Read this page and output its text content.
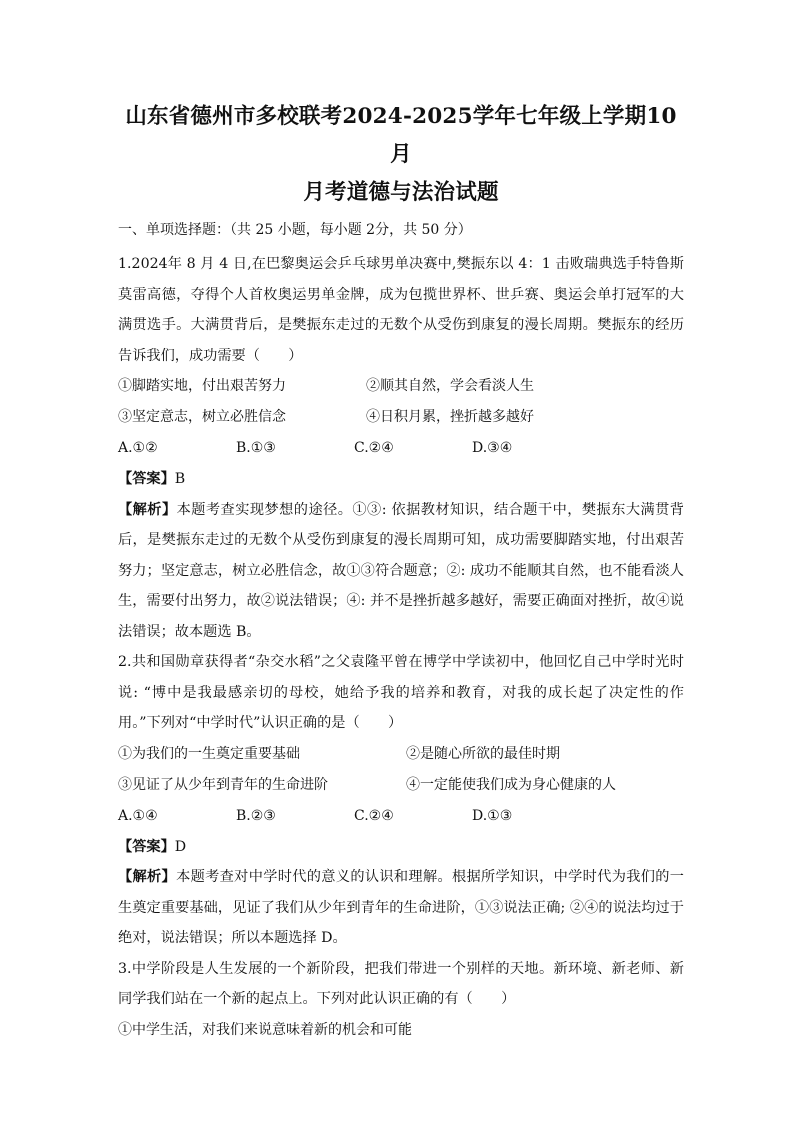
山东省德州市多校联考2024-2025学年七年级上学期10月
月考道德与法治试题

一、单项选择题：（共 25 小题，每小题 2分，共 50 分）

1.2024年 8 月 4 日,在巴黎奥运会乒乓球男单决赛中,樊振东以 4：1 击败瑞典选手特鲁斯 莫雷高德，夺得个人首枚奥运男单金牌，成为包揽世界杯、世乒赛、奥运会单打冠军的大满贯选手。大满贯背后，是樊振东走过的无数个从受伤到康复的漫长周期。樊振东的经历告诉我们，成功需要（　　）

①脚踏实地，付出艰苦努力	②顺其自然，学会看淡人生
③坚定意志，树立必胜信念	④日积月累，挫折越多越好
A.①②	B.①③	C.②④	D.③④

【答案】B

【解析】本题考查实现梦想的途径。①③: 依据教材知识，结合题干中，樊振东大满贯背后，是樊振东走过的无数个从受伤到康复的漫长周期可知，成功需要脚踏实地，付出艰苦努力；坚定意志，树立必胜信念，故①③符合题意；②: 成功不能顺其自然，也不能看淡人生，需要付出努力，故②说法错误；④: 并不是挫折越多越好，需要正确面对挫折，故④说法错误；故本题选 B。

2.共和国勋章获得者“杂交水稻”之父袁隆平曾在博学中学读初中，他回忆自己中学时光时说: “博中是我最感亲切的母校，她给予我的培养和教育，对我的成长起了决定性的作用。”下列对“中学时代”认识正确的是（　　）

①为我们的一生奠定重要基础	②是随心所欲的最佳时期
③见证了从少年到青年的生命进阶	④一定能使我们成为身心健康的人
A.①④	B.②③	C.②④	D.①③

【答案】D

【解析】本题考查对中学时代的意义的认识和理解。根据所学知识，中学时代为我们的一生奠定重要基础，见证了我们从少年到青年的生命进阶，①③说法正确; ②④的说法均过于绝对，说法错误；所以本题选择 D。

3.中学阶段是人生发展的一个新阶段，把我们带进一个别样的天地。新环境、新老师、新同学我们站在一个新的起点上。下列对此认识正确的有（　　）

①中学生活，对我们来说意味着新的机会和可能
